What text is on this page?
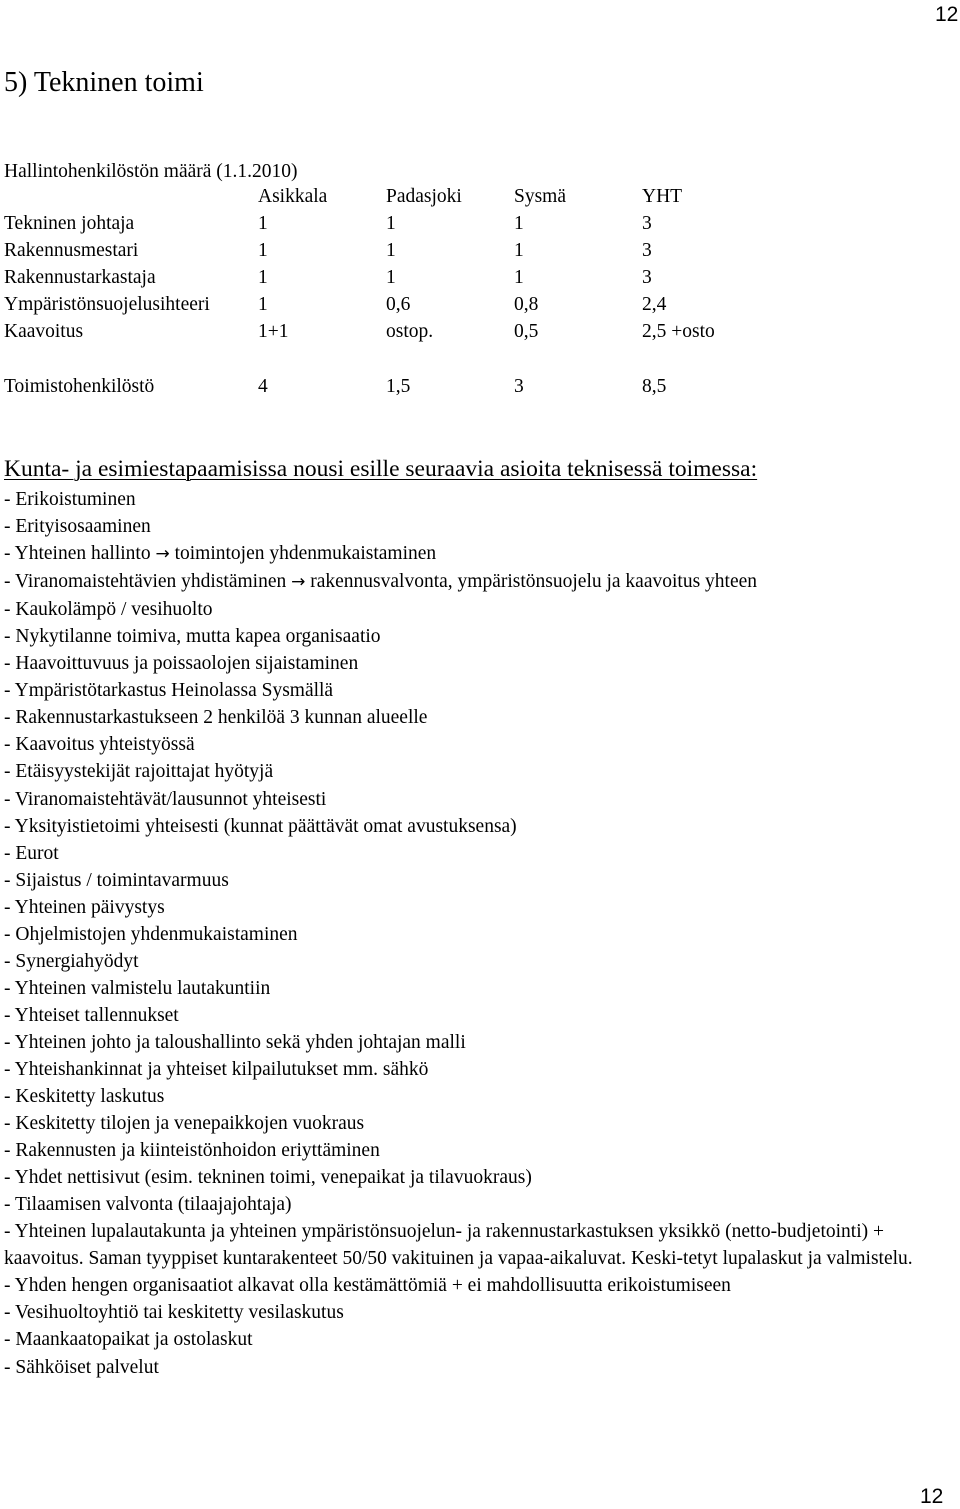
12
5) Tekninen toimi
Hallintohenkilöstön määrä (1.1.2010)
Asikkala	Padasjoki	Sysmä	YHT
Tekninen johtaja	1	1	1	3
Rakennusmestari	1	1	1	3
Rakennustarkastaja	1	1	1	3
Ympäristönsuojelusihteeri 1	0,6	0,8	2,4
Kaavoitus	1+1	ostop.	0,5	2,5 +osto
Toimistohenkilöstö	4	1,5	3	8,5
Kunta- ja esimiestapaamisissa nousi esille seuraavia asioita teknisessä toimessa:
- Erikoistuminen
- Erityisosaaminen
- Yhteinen hallinto → toimintojen yhdenmukaistaminen
- Viranomaistehtävien yhdistäminen → rakennusvalvonta, ympäristönsuojelu ja kaavoitus yhteen
- Kaukolämpö / vesihuolto
- Nykytilanne toimiva, mutta kapea organisaatio
- Haavoittuvuus ja poissaolojen sijaistaminen
- Ympäristötarkastus Heinolassa Sysmällä
- Rakennustarkastukseen 2 henkilöä 3 kunnan alueelle
- Kaavoitus yhteistyössä
- Etäisyystekijät rajoittajat hyötyjä
- Viranomaistehtävät/lausunnot yhteisesti
- Yksityistietoimi yhteisesti (kunnat päättävät omat avustuksensa)
- Eurot
- Sijaistus / toimintavarmuus
- Yhteinen päivystys
- Ohjelmistojen yhdenmukaistaminen
- Synergiahyödyt
- Yhteinen valmistelu lautakuntiin
- Yhteiset tallennukset
- Yhteinen johto ja taloushallinto sekä yhden johtajan malli
- Yhteishankinnat ja yhteiset kilpailutukset mm. sähkö
- Keskitetty laskutus
- Keskitetty tilojen ja venepaikkojen vuokraus
- Rakennusten ja kiinteistönhoidon eriyttäminen
- Yhdet nettisivut (esim. tekninen toimi, venepaikat ja tilavuokraus)
- Tilaamisen valvonta (tilaajajohtaja)
- Yhteinen lupalautakunta ja yhteinen ympäristönsuojelun- ja rakennustarkastuksen yksikkö (netto-budjetointi) + kaavoitus. Saman tyyppiset kuntarakenteet 50/50 vakituinen ja vapaa-aikaluvat. Keski-tetyt lupalaskut ja valmistelu.
- Yhden hengen organisaatiot alkavat olla kestämättömiä + ei mahdollisuutta erikoistumiseen
- Vesihuoltoyhtiö tai keskitetty vesilaskutus
- Maankaatopaikat ja ostolaskut
- Sähköiset palvelut
12
